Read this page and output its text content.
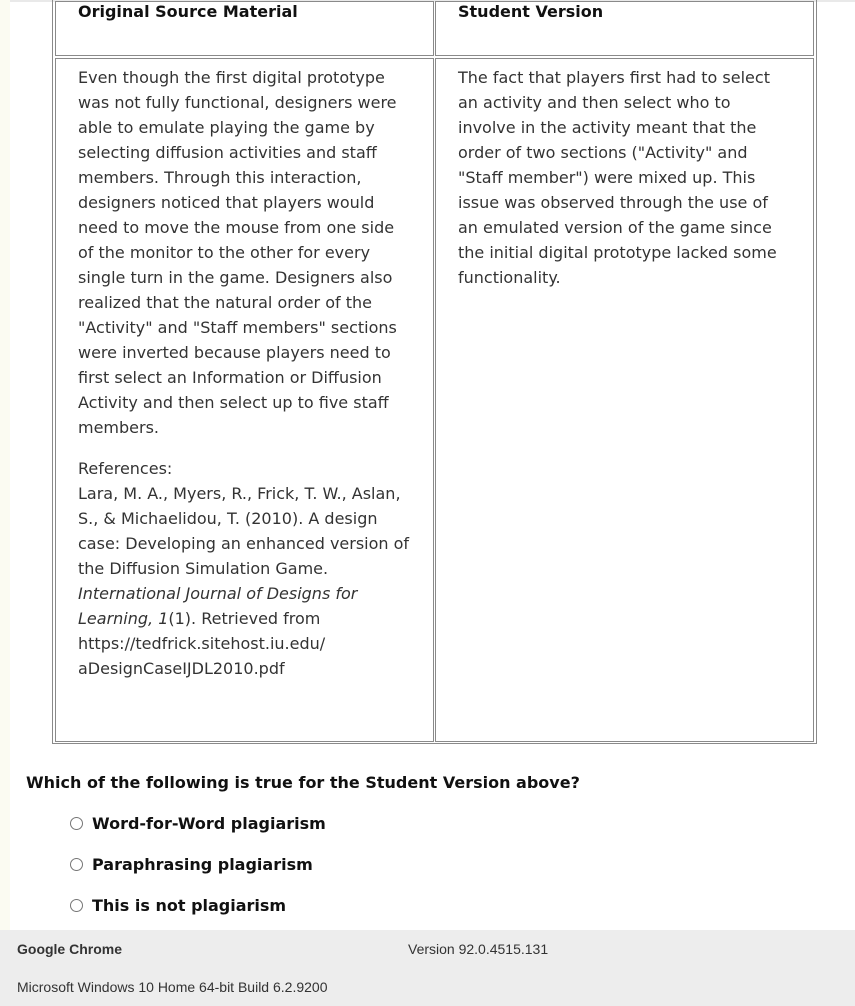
Original Source Material	Student Version
Even though the first digital prototype
was not fully functional, designers were
able to emulate playing the game by
selecting diffusion activities and staff
members. Through this interaction,
designers noticed that players would
need to move the mouse from one side
of the monitor to the other for every
single turn in the game. Designers also
realized that the natural order of the
"Activity" and "Staff members" sections
were inverted because players need to
first select an Information or Diffusion
Activity and then select up to five staff
members.
References:
Lara, M. A., Myers, R., Frick, T. W., Aslan,
S., & Michaelidou, T. (2010). A design
case: Developing an enhanced version of
the Diffusion Simulation Game.
International Journal of Designs for
Learning, 1(1). Retrieved from
https://tedfrick.sitehost.iu.edu/
aDesignCaseIJDL2010.pdf
The fact that players first had to select
an activity and then select who to
involve in the activity meant that the
order of two sections ("Activity" and
"Staff member") were mixed up. This
issue was observed through the use of
an emulated version of the game since
the initial digital prototype lacked some
functionality.
Which of the following is true for the Student Version above?
Word-for-Word plagiarism
Paraphrasing plagiarism
This is not plagiarism
Google Chrome	Version 92.0.4515.131
Microsoft Windows 10 Home 64-bit Build 6.2.9200
